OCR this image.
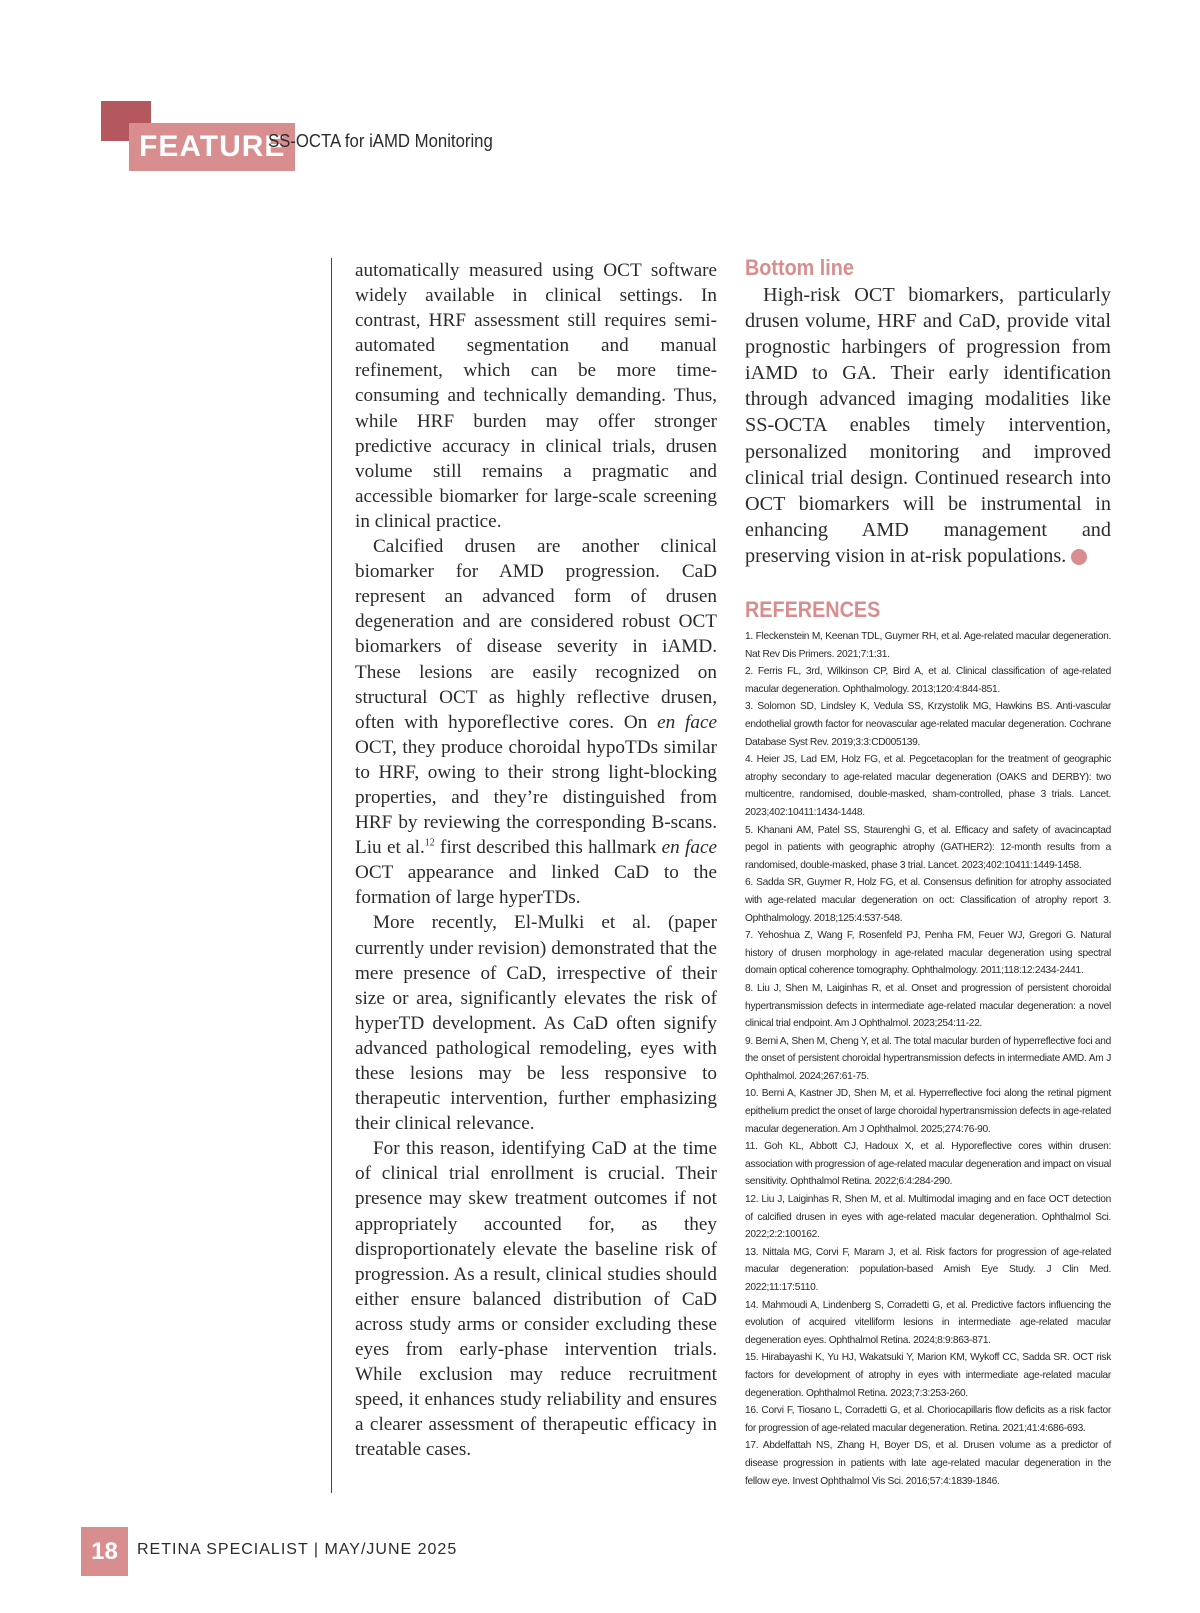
FEATURE
SS-OCTA for iAMD Monitoring

automatically measured using OCT software widely available in clinical settings. In contrast, HRF assessment still requires semi-automated segmentation and manual refinement, which can be more time-consuming and technically demanding. Thus, while HRF burden may offer stronger predictive accuracy in clinical trials, drusen volume still remains a pragmatic and accessible biomarker for large-scale screening in clinical practice.

Calcified drusen are another clinical biomarker for AMD progression. CaD represent an advanced form of drusen degeneration and are considered robust OCT biomarkers of disease severity in iAMD. These lesions are easily recognized on structural OCT as highly reflective drusen, often with hyporeflective cores. On en face OCT, they produce choroidal hypoTDs similar to HRF, owing to their strong light-blocking properties, and they’re distinguished from HRF by reviewing the corresponding B-scans. Liu et al.$^{12}$ first described this hallmark en face OCT appearance and linked CaD to the formation of large hyperTDs.

More recently, El-Mulki et al. (paper currently under revision) demonstrated that the mere presence of CaD, irrespective of their size or area, significantly elevates the risk of hyperTD development. As CaD often signify advanced pathological remodeling, eyes with these lesions may be less responsive to therapeutic intervention, further emphasizing their clinical relevance.

For this reason, identifying CaD at the time of clinical trial enrollment is crucial. Their presence may skew treatment outcomes if not appropriately accounted for, as they disproportionately elevate the baseline risk of progression. As a result, clinical studies should either ensure balanced distribution of CaD across study arms or consider excluding these eyes from early-phase intervention trials. While exclusion may reduce recruitment speed, it enhances study reliability and ensures a clearer assessment of therapeutic efficacy in treatable cases.

Bottom line

High-risk OCT biomarkers, particularly drusen volume, HRF and CaD, provide vital prognostic harbingers of progression from iAMD to GA. Their early identification through advanced imaging modalities like SS-OCTA enables timely intervention, personalized monitoring and improved clinical trial design. Continued research into OCT biomarkers will be instrumental in enhancing AMD management and preserving vision in at-risk populations.	RS

REFERENCES
1. Fleckenstein M, Keenan TDL, Guymer RH, et al. Age-related macular degeneration. Nat Rev Dis Primers. 2021;7:1:31.
2. Ferris FL, 3rd, Wilkinson CP, Bird A, et al. Clinical classification of age-related macular degeneration. Ophthalmology. 2013;120:4:844-851.
3. Solomon SD, Lindsley K, Vedula SS, Krzystolik MG, Hawkins BS. Anti-vascular endothelial growth factor for neovascular age-related macular degeneration. Cochrane Database Syst Rev. 2019;3:3:CD005139.
4. Heier JS, Lad EM, Holz FG, et al. Pegcetacoplan for the treatment of geographic atrophy secondary to age-related macular degeneration (OAKS and DERBY): two multicentre, randomised, double-masked, sham-controlled, phase 3 trials. Lancet. 2023;402:10411:1434-1448.
5. Khanani AM, Patel SS, Staurenghi G, et al. Efficacy and safety of avacincaptad pegol in patients with geographic atrophy (GATHER2): 12-month results from a randomised, double-masked, phase 3 trial. Lancet. 2023;402:10411:1449-1458.
6. Sadda SR, Guymer R, Holz FG, et al. Consensus definition for atrophy associated with age-related macular degeneration on oct: Classification of atrophy report 3. Ophthalmology. 2018;125:4:537-548.
7. Yehoshua Z, Wang F, Rosenfeld PJ, Penha FM, Feuer WJ, Gregori G. Natural history of drusen morphology in age-related macular degeneration using spectral domain optical coherence tomography. Ophthalmology. 2011;118:12:2434-2441.
8. Liu J, Shen M, Laiginhas R, et al. Onset and progression of persistent choroidal hypertransmission defects in intermediate age-related macular degeneration: a novel clinical trial endpoint. Am J Ophthalmol. 2023;254:11-22.
9. Berni A, Shen M, Cheng Y, et al. The total macular burden of hyperreflective foci and the onset of persistent choroidal hypertransmission defects in intermediate AMD. Am J Ophthalmol. 2024;267:61-75.
10. Berni A, Kastner JD, Shen M, et al. Hyperreflective foci along the retinal pigment epithelium predict the onset of large choroidal hypertransmission defects in age-related macular degeneration. Am J Ophthalmol. 2025;274:76-90.
11. Goh KL, Abbott CJ, Hadoux X, et al. Hyporeflective cores within drusen: association with progression of age-related macular degeneration and impact on visual sensitivity. Ophthalmol Retina. 2022;6:4:284-290.
12. Liu J, Laiginhas R, Shen M, et al. Multimodal imaging and en face OCT detection of calcified drusen in eyes with age-related macular degeneration. Ophthalmol Sci. 2022;2:2:100162.
13. Nittala MG, Corvi F, Maram J, et al. Risk factors for progression of age-related macular degeneration: population-based Amish Eye Study. J Clin Med. 2022;11:17:5110.
14. Mahmoudi A, Lindenberg S, Corradetti G, et al. Predictive factors influencing the evolution of acquired vitelliform lesions in intermediate age-related macular degeneration eyes. Ophthalmol Retina. 2024;8:9:863-871.
15. Hirabayashi K, Yu HJ, Wakatsuki Y, Marion KM, Wykoff CC, Sadda SR. OCT risk factors for development of atrophy in eyes with intermediate age-related macular degeneration. Ophthalmol Retina. 2023;7:3:253-260.
16. Corvi F, Tiosano L, Corradetti G, et al. Choriocapillaris flow deficits as a risk factor for progression of age-related macular degeneration. Retina. 2021;41:4:686-693.
17. Abdelfattah NS, Zhang H, Boyer DS, et al. Drusen volume as a predictor of disease progression in patients with late age-related macular degeneration in the fellow eye. Invest Ophthalmol Vis Sci. 2016;57:4:1839-1846.
18	RETINA SPECIALIST | MAY/JUNE 2025
